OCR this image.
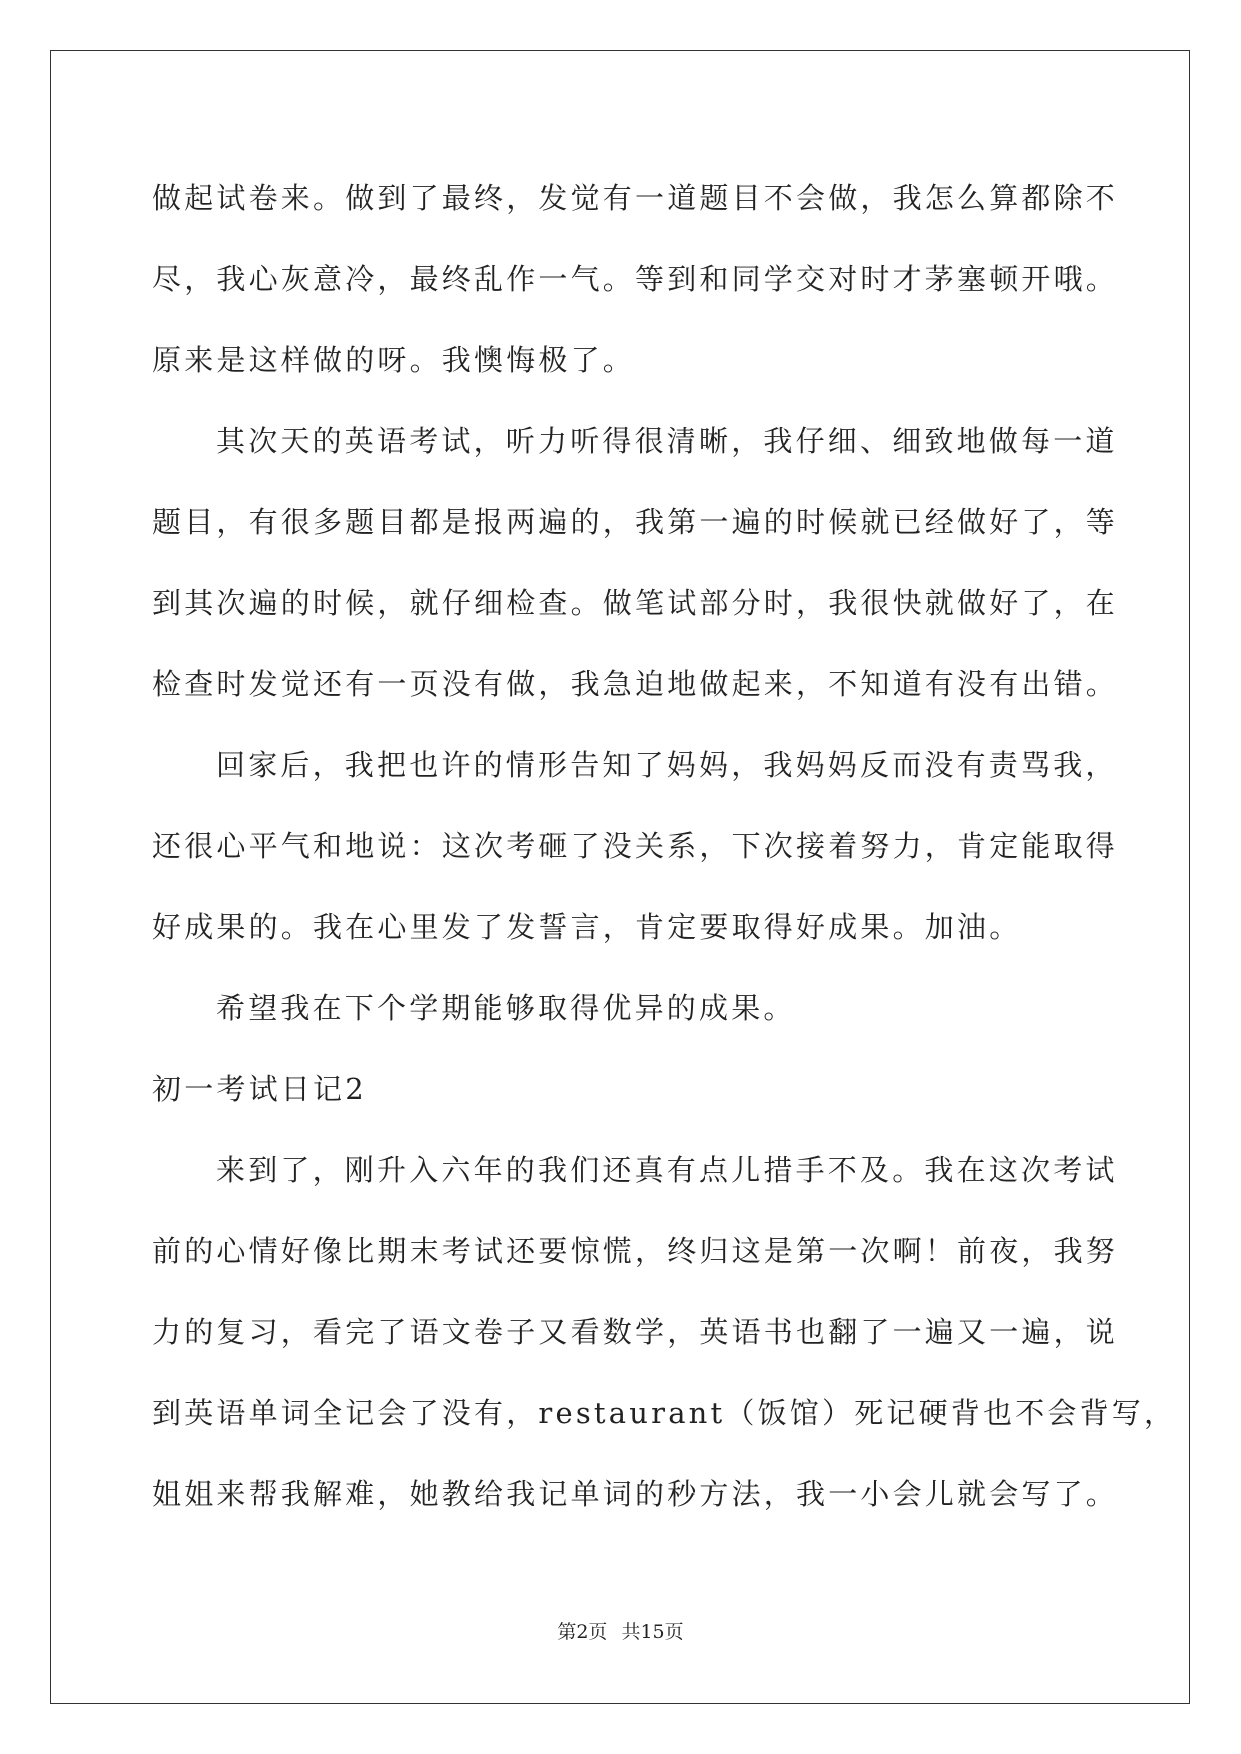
做起试卷来。做到了最终，发觉有一道题目不会做，我怎么算都除不
尽，我心灰意冷，最终乱作一气。等到和同学交对时才茅塞顿开哦。
原来是这样做的呀。我懊悔极了。
其次天的英语考试，听力听得很清晰，我仔细、细致地做每一道
题目，有很多题目都是报两遍的，我第一遍的时候就已经做好了，等
到其次遍的时候，就仔细检查。做笔试部分时，我很快就做好了，在
检查时发觉还有一页没有做，我急迫地做起来，不知道有没有出错。
回家后，我把也许的情形告知了妈妈，我妈妈反而没有责骂我，
还很心平气和地说：这次考砸了没关系，下次接着努力，肯定能取得
好成果的。我在心里发了发誓言，肯定要取得好成果。加油。
希望我在下个学期能够取得优异的成果。
初一考试日记2
来到了，刚升入六年的我们还真有点儿措手不及。我在这次考试
前的心情好像比期末考试还要惊慌，终归这是第一次啊！前夜，我努
力的复习，看完了语文卷子又看数学，英语书也翻了一遍又一遍，说
到英语单词全记会了没有，restaurant（饭馆）死记硬背也不会背写，
姐姐来帮我解难，她教给我记单词的秒方法，我一小会儿就会写了。
第2页 共15页
